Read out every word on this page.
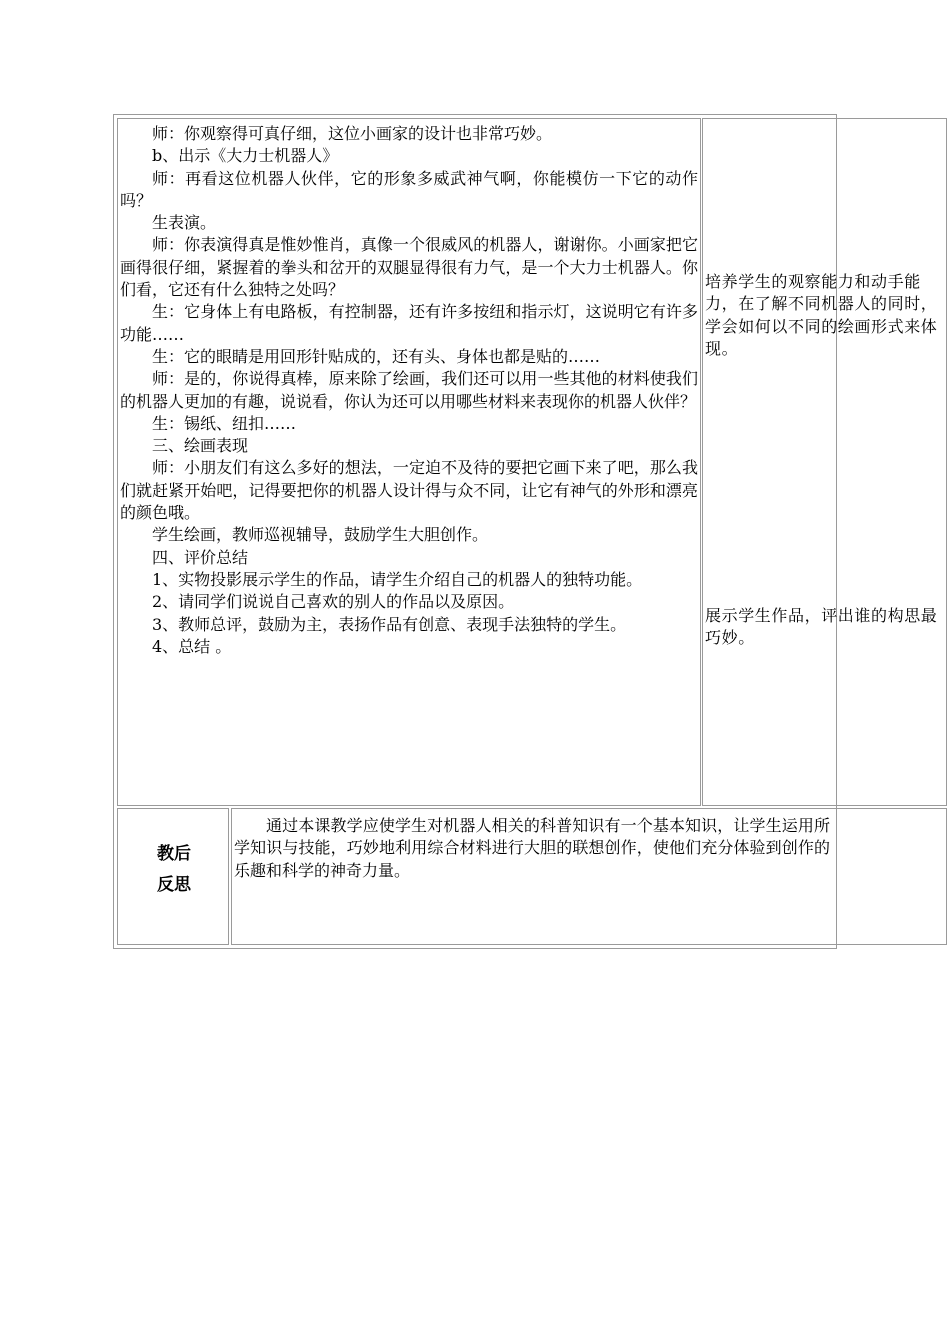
师：你观察得可真仔细，这位小画家的设计也非常巧妙。

b、出示《大力士机器人》

师：再看这位机器人伙伴，它的形象多威武神气啊，你能模仿一下它的动作吗？

生表演。

师：你表演得真是惟妙惟肖，真像一个很威风的机器人，谢谢你。小画家把它画得很仔细，紧握着的拳头和岔开的双腿显得很有力气，是一个大力士机器人。你们看，它还有什么独特之处吗？

生：它身体上有电路板，有控制器，还有许多按纽和指示灯，这说明它有许多功能……

生：它的眼睛是用回形针贴成的，还有头、身体也都是贴的……

师：是的，你说得真棒，原来除了绘画，我们还可以用一些其他的材料使我们的机器人更加的有趣，说说看，你认为还可以用哪些材料来表现你的机器人伙伴？

生：锡纸、纽扣……

三、绘画表现

师：小朋友们有这么多好的想法，一定迫不及待的要把它画下来了吧，那么我们就赶紧开始吧，记得要把你的机器人设计得与众不同，让它有神气的外形和漂亮的颜色哦。

学生绘画，教师巡视辅导，鼓励学生大胆创作。

四、评价总结

1、实物投影展示学生的作品，请学生介绍自己的机器人的独特功能。

2、请同学们说说自己喜欢的别人的作品以及原因。

3、教师总评，鼓励为主，表扬作品有创意、表现手法独特的学生。

4、总结 。

培养学生的观察能力和动手能力，在了解不同机器人的同时，学会如何以不同的绘画形式来体现。
展示学生作品，评出谁的构思最巧妙。
教后
反思
通过本课教学应使学生对机器人相关的科普知识有一个基本知识，让学生运用所学知识与技能，巧妙地利用综合材料进行大胆的联想创作，使他们充分体验到创作的乐趣和科学的神奇力量。
